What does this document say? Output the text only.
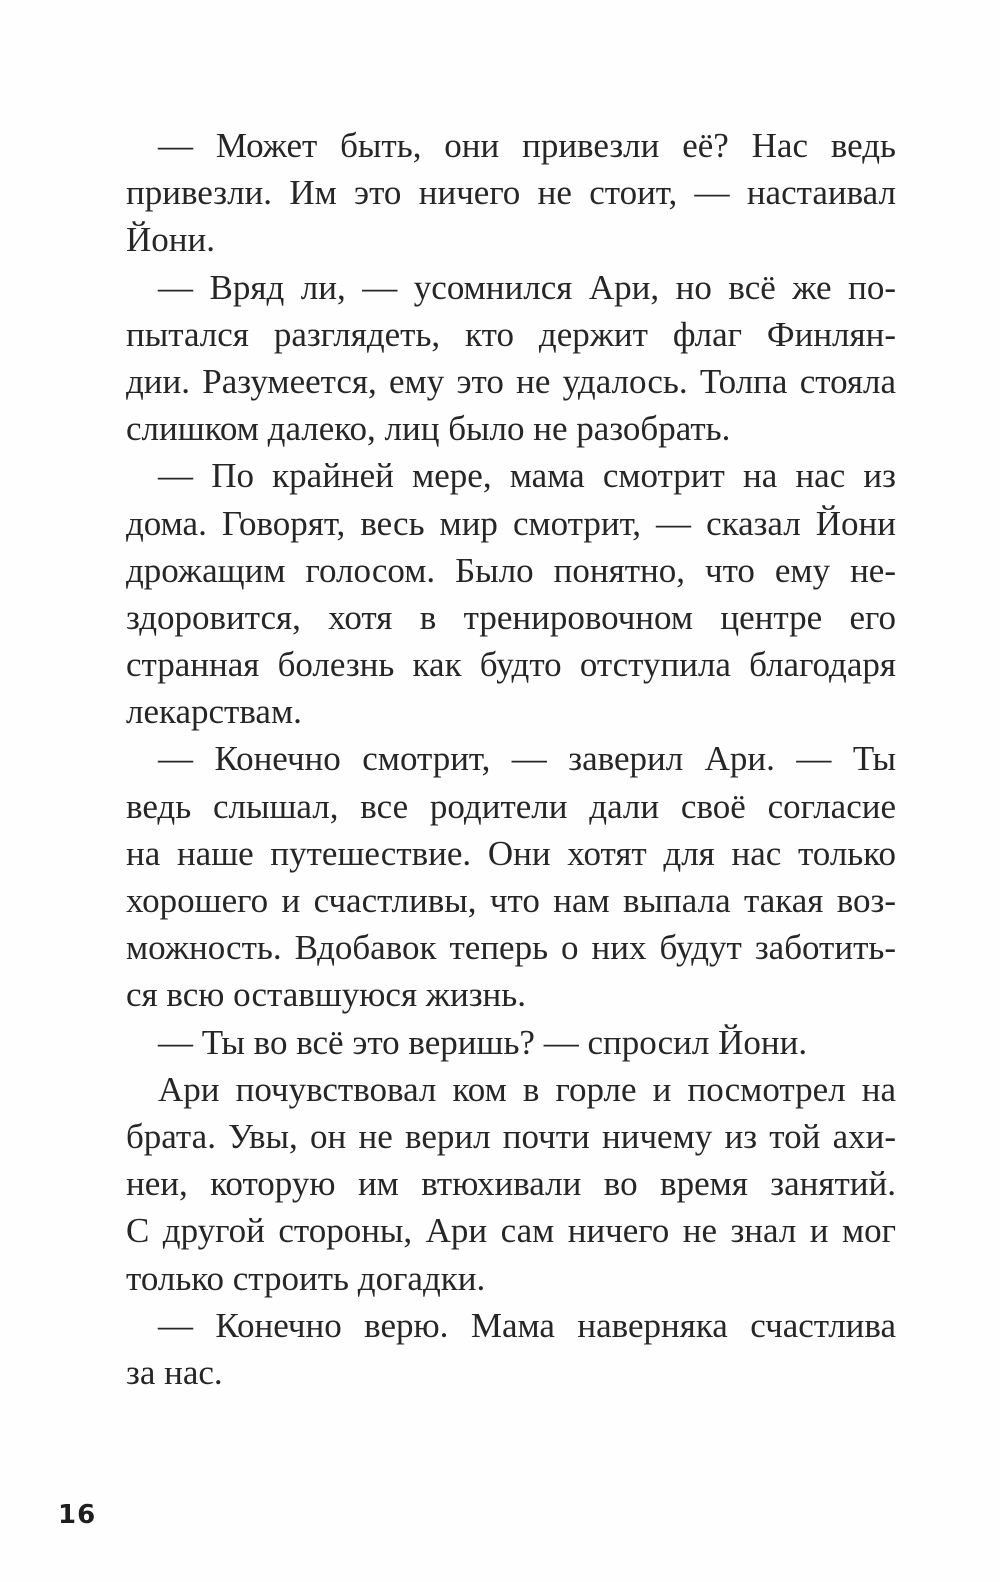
— Может быть, они привезли её? Нас ведь
привезли. Им это ничего не стоит, — настаивал
Йони.
— Вряд ли, — усомнился Ари, но всё же по-
пытался разглядеть, кто держит флаг Финлян-
дии. Разумеется, ему это не удалось. Толпа стояла
слишком далеко, лиц было не разобрать.
— По крайней мере, мама смотрит на нас из
дома. Говорят, весь мир смотрит, — сказал Йони
дрожащим голосом. Было понятно, что ему не-
здоровится, хотя в тренировочном центре его
странная болезнь как будто отступила благодаря
лекарствам.
— Конечно смотрит, — заверил Ари. — Ты
ведь слышал, все родители дали своё согласие
на наше путешествие. Они хотят для нас только
хорошего и счастливы, что нам выпала такая воз-
можность. Вдобавок теперь о них будут заботить-
ся всю оставшуюся жизнь.
— Ты во всё это веришь? — спросил Йони.
Ари почувствовал ком в горле и посмотрел на
брата. Увы, он не верил почти ничему из той ахи-
неи, которую им втюхивали во время занятий.
С другой стороны, Ари сам ничего не знал и мог
только строить догадки.
— Конечно верю. Мама наверняка счастлива
за нас.
16
